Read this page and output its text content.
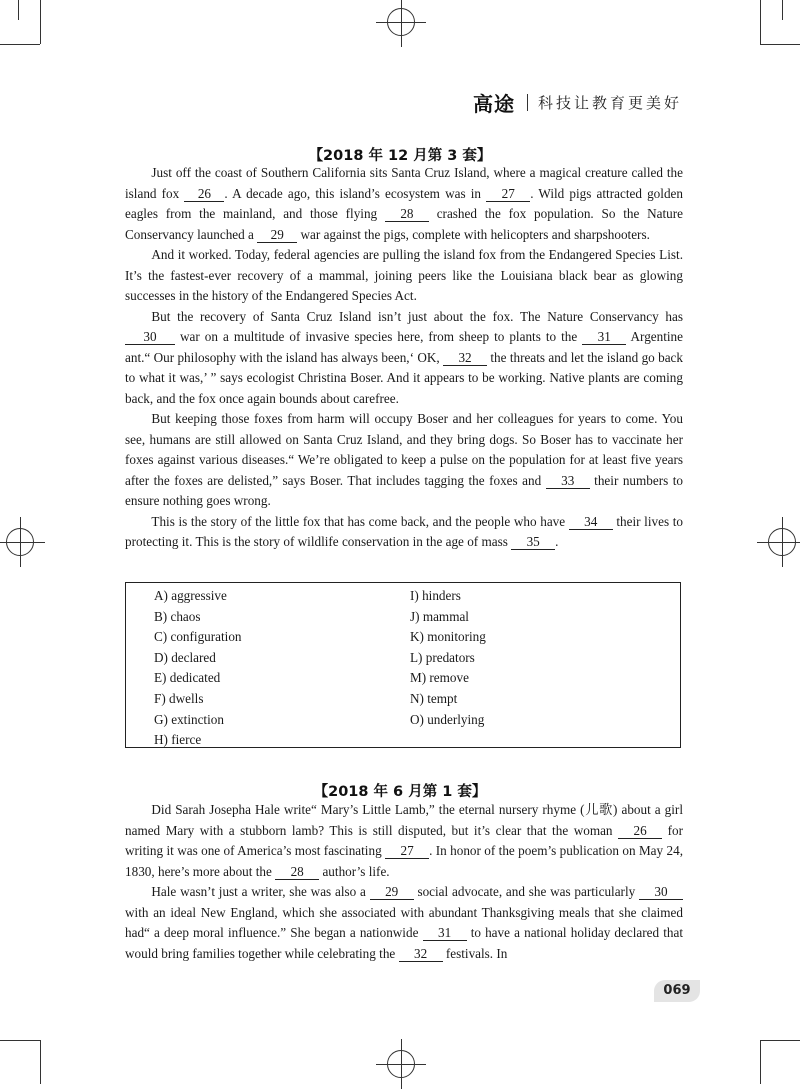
高途 科技让教育更美好
【2018 年 12 月第 3 套】

Just off the coast of Southern California sits Santa Cruz Island, where a magical creature called the island fox 26 . A decade ago, this island’s ecosystem was in 27 . Wild pigs attracted golden eagles from the mainland, and those flying 28 crashed the fox population. So the Nature Conservancy launched a 29 war against the pigs, complete with helicopters and sharpshooters.

And it worked. Today, federal agencies are pulling the island fox from the Endangered Species List. It’s the fastest-ever recovery of a mammal, joining peers like the Louisiana black bear as glowing successes in the history of the Endangered Species Act.

But the recovery of Santa Cruz Island isn’t just about the fox. The Nature Conservancy has 30 war on a multitude of invasive species here, from sheep to plants to the 31 Argentine ant.“ Our philosophy with the island has always been,‘ OK, 32 the threats and let the island go back to what it was,’ ” says ecologist Christina Boser. And it appears to be working. Native plants are coming back, and the fox once again bounds about carefree.

But keeping those foxes from harm will occupy Boser and her colleagues for years to come. You see, humans are still allowed on Santa Cruz Island, and they bring dogs. So Boser has to vaccinate her foxes against various diseases.“ We’re obligated to keep a pulse on the population for at least five years after the foxes are delisted,” says Boser. That includes tagging the foxes and 33 their numbers to ensure nothing goes wrong.

This is the story of the little fox that has come back, and the people who have 34 their lives to protecting it. This is the story of wildlife conservation in the age of mass 35 .

A) aggressive
B) chaos
C) configuration
D) declared
E) dedicated
F) dwells
G) extinction
H) fierce
I) hinders
J) mammal
K) monitoring
L) predators
M) remove
N) tempt
O) underlying
【2018 年 6 月第 1 套】

Did Sarah Josepha Hale write“ Mary’s Little Lamb,” the eternal nursery rhyme (儿歌) about a girl named Mary with a stubborn lamb? This is still disputed, but it’s clear that the woman 26 for writing it was one of America’s most fascinating 27 . In honor of the poem’s publication on May 24, 1830, here’s more about the 28 author’s life.

Hale wasn’t just a writer, she was also a 29 social advocate, and she was particularly 30 with an ideal New England, which she associated with abundant Thanksgiving meals that she claimed had“ a deep moral influence.” She began a nationwide 31 to have a national holiday declared that would bring families together while celebrating the 32 festivals. In

069
